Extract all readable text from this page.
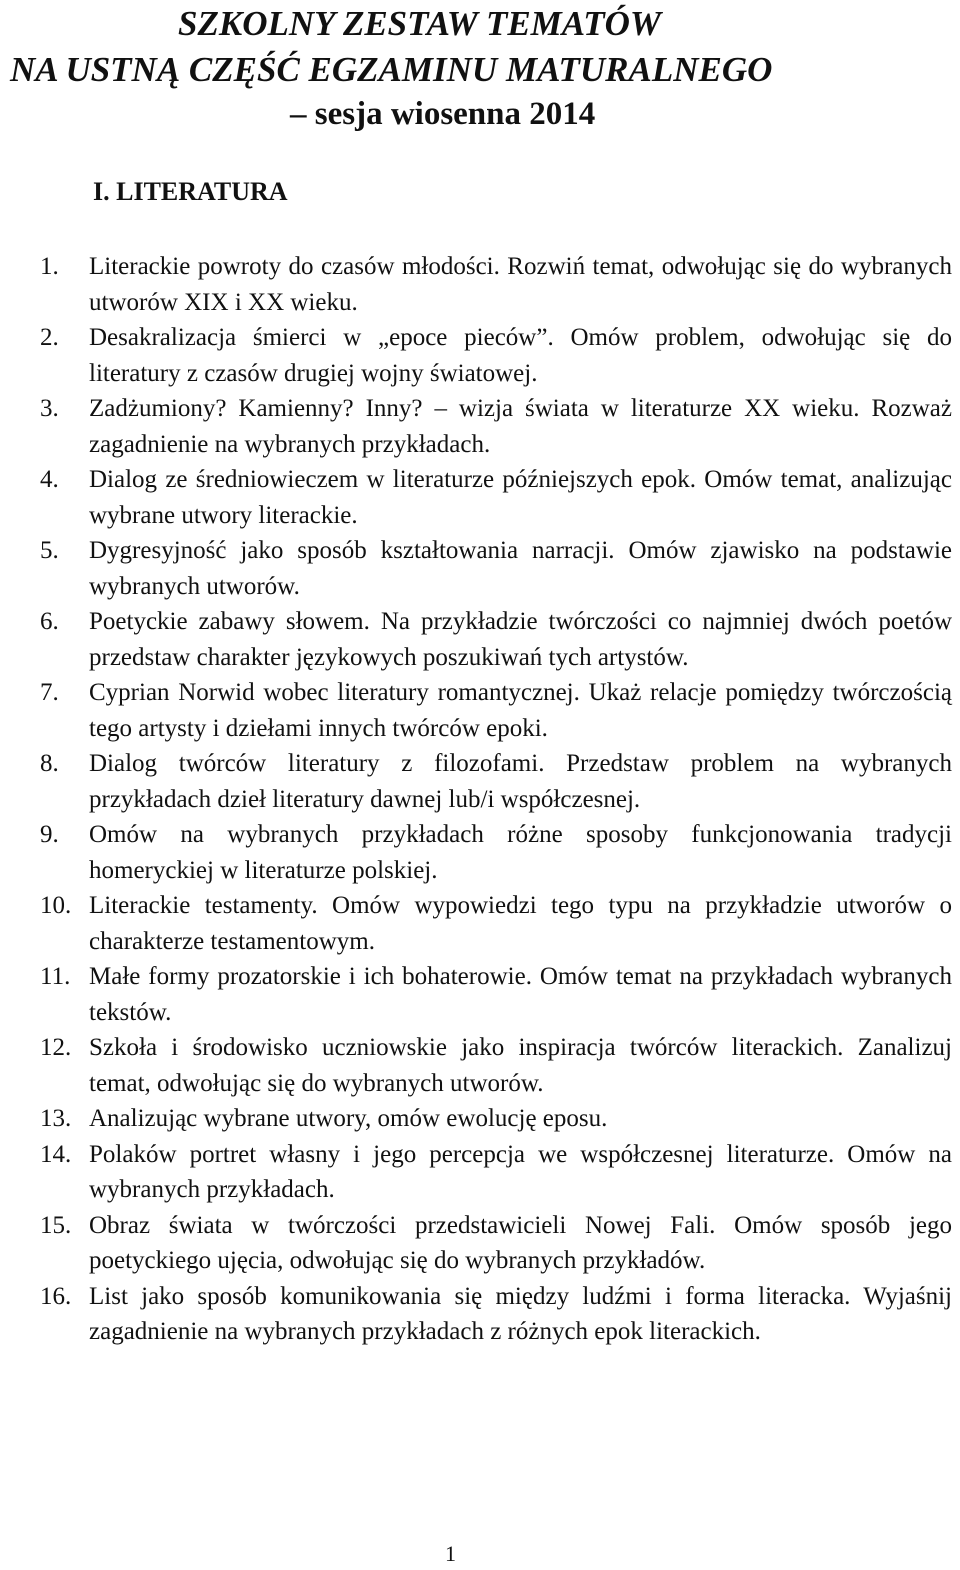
SZKOLNY ZESTAW TEMATÓW
NA USTNĄ CZĘŚĆ EGZAMINU MATURALNEGO
– sesja wiosenna 2014
I. LITERATURA
1.	Literackie powroty do czasów młodości. Rozwiń temat, odwołując się do wybranych utworów XIX i XX wieku.
2.	Desakralizacja śmierci w „epoce pieców”. Omów problem, odwołując się do literatury z czasów drugiej wojny światowej.
3.	Zadżumiony? Kamienny? Inny? – wizja świata w literaturze XX wieku. Rozważ zagadnienie na wybranych przykładach.
4.	Dialog ze średniowieczem w literaturze późniejszych epok. Omów temat, analizując wybrane utwory literackie.
5.	Dygresyjność jako sposób kształtowania narracji. Omów zjawisko na podstawie wybranych utworów.
6.	Poetyckie zabawy słowem. Na przykładzie twórczości co najmniej dwóch poetów przedstaw charakter językowych poszukiwań tych artystów.
7.	Cyprian Norwid wobec literatury romantycznej. Ukaż relacje pomiędzy twórczością tego artysty i dziełami innych twórców epoki.
8.	Dialog twórców literatury z filozofami. Przedstaw problem na wybranych przykładach dzieł literatury dawnej lub/i współczesnej.
9.	Omów na wybranych przykładach różne sposoby funkcjonowania tradycji homeryckiej w literaturze polskiej.
10. Literackie testamenty. Omów wypowiedzi tego typu na przykładzie utworów o charakterze testamentowym.
11. Małe formy prozatorskie i ich bohaterowie. Omów temat na przykładach wybranych tekstów.
12. Szkoła i środowisko uczniowskie jako inspiracja twórców literackich. Zanalizuj temat, odwołując się do wybranych utworów.
13. Analizując wybrane utwory, omów ewolucję eposu.
14. Polaków portret własny i jego percepcja we współczesnej literaturze. Omów na wybranych przykładach.
15. Obraz świata w twórczości przedstawicieli Nowej Fali. Omów sposób jego poetyckiego ujęcia, odwołując się do wybranych przykładów.
16. List jako sposób komunikowania się między ludźmi i forma literacka. Wyjaśnij zagadnienie na wybranych przykładach z różnych epok literackich.
1
